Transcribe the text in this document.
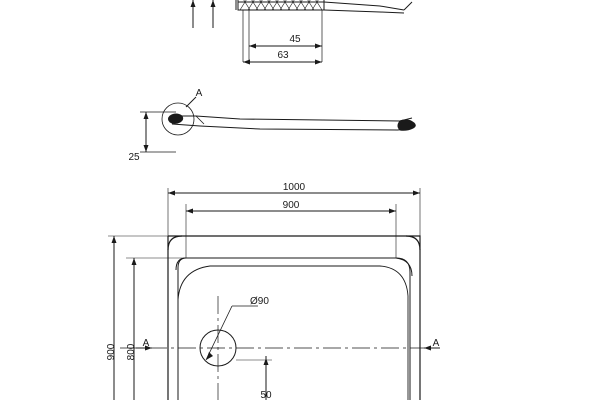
45
63
A
25
1000
900
900 800
Ø90
50
A	A
